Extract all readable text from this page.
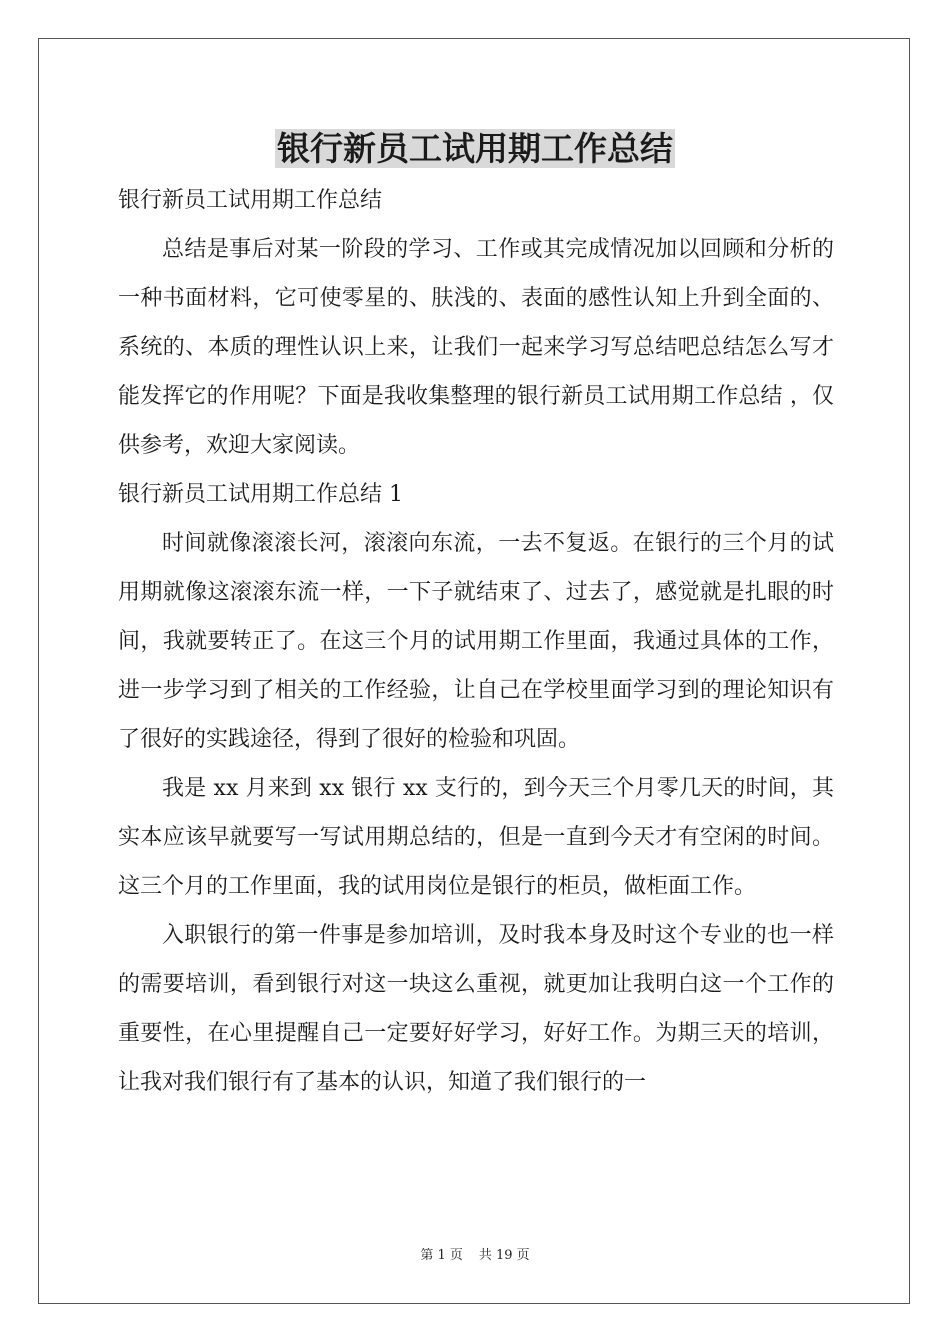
银行新员工试用期工作总结

银行新员工试用期工作总结

总结是事后对某一阶段的学习、工作或其完成情况加以回顾和分析的一种书面材料，它可使零星的、肤浅的、表面的感性认知上升到全面的、系统的、本质的理性认识上来，让我们一起来学习写总结吧总结怎么写才能发挥它的作用呢？下面是我收集整理的银行新员工试用期工作总结 ，仅供参考，欢迎大家阅读。

银行新员工试用期工作总结 1

时间就像滚滚长河，滚滚向东流，一去不复返。在银行的三个月的试用期就像这滚滚东流一样，一下子就结束了、过去了，感觉就是扎眼的时间，我就要转正了。在这三个月的试用期工作里面，我通过具体的工作，进一步学习到了相关的工作经验，让自己在学校里面学习到的理论知识有了很好的实践途径，得到了很好的检验和巩固。

我是 xx 月来到 xx 银行 xx 支行的，到今天三个月零几天的时间，其实本应该早就要写一写试用期总结的，但是一直到今天才有空闲的时间。这三个月的工作里面，我的试用岗位是银行的柜员，做柜面工作。

入职银行的第一件事是参加培训，及时我本身及时这个专业的也一样的需要培训，看到银行对这一块这么重视，就更加让我明白这一个工作的重要性，在心里提醒自己一定要好好学习，好好工作。为期三天的培训，让我对我们银行有了基本的认识，知道了我们银行的一

第 1 页 共 19 页
